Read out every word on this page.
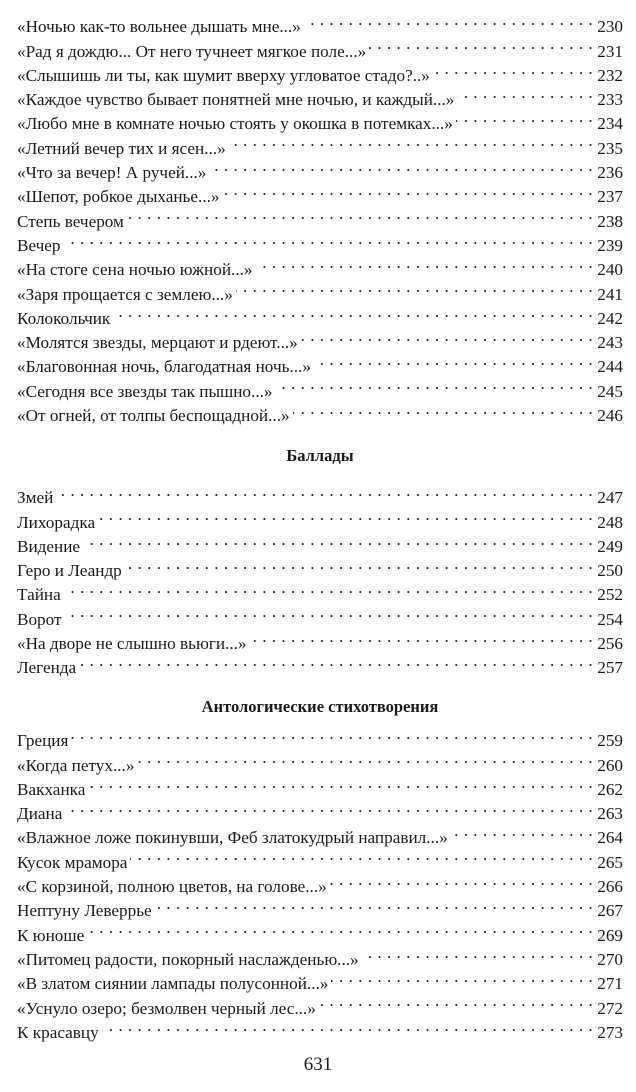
«Ночью как-то вольнее дышать мне...» . . .	230
«Рад я дождю... От него тучнеет мягкое поле...» . . .	231
«Слышишь ли ты, как шумит вверху угловатое стадо?..» . . .	232
«Каждое чувство бывает понятней мне ночью, и каждый...» . . .	233
«Любо мне в комнате ночью стоять у окошка в потемках...» . . .	234
«Летний вечер тих и ясен...» . . .	235
«Что за вечер! А ручей...» . . .	236
«Шепот, робкое дыханье...» . . .	237
Степь вечером . . .	238
Вечер . . .	239
«На стоге сена ночью южной...» . . .	240
«Заря прощается с землею...» . . .	241
Колокольчик . . .	242
«Молятся звезды, мерцают и рдеют...» . . .	243
«Благовонная ночь, благодатная ночь...» . . .	244
«Сегодня все звезды так пышно...» . . .	245
«От огней, от толпы беспощадной...» . . .	246
Баллады
Змей . . .	247
Лихорадка . . .	248
Видение . . .	249
Геро и Леандр . . .	250
Тайна . . .	252
Ворот . . .	254
«На дворе не слышно вьюги...» . . .	256
Легенда . . .	257
Антологические стихотворения
Греция . . .	259
«Когда петух...» . . .	260
Вакханка . . .	262
Диана . . .	263
«Влажное ложе покинувши, Феб златокудрый направил...» . . .	264
Кусок мрамора . . .	265
«С корзиной, полною цветов, на голове...» . . .	266
Нептуну Леверрье . . .	267
К юноше . . .	269
«Питомец радости, покорный наслажденью...» . . .	270
«В златом сиянии лампады полусонной...» . . .	271
«Уснуло озеро; безмолвен черный лес...» . . .	272
К красавцу . . .	273
631
